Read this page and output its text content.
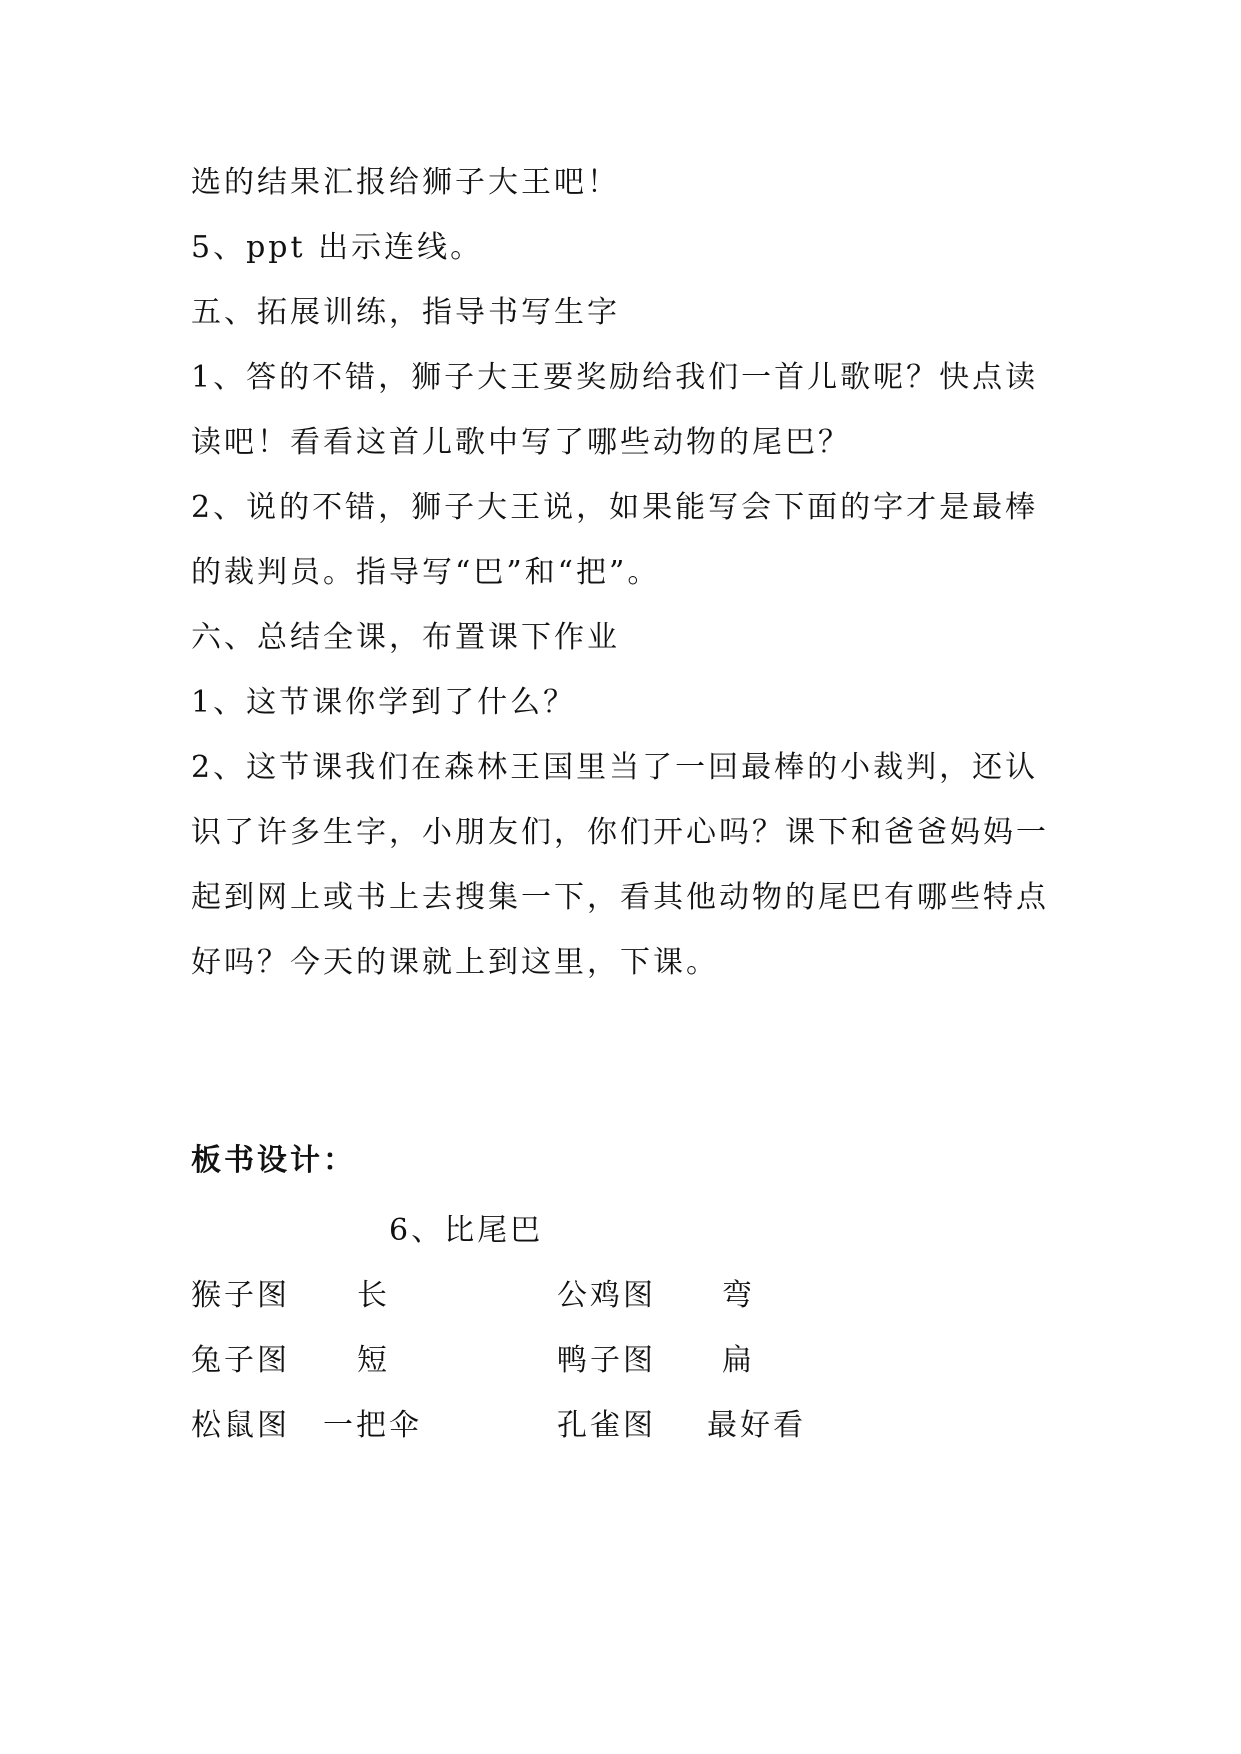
选的结果汇报给狮子大王吧！
5、ppt 出示连线。
五、拓展训练，指导书写生字
1、答的不错，狮子大王要奖励给我们一首儿歌呢？快点读
读吧！看看这首儿歌中写了哪些动物的尾巴？
2、说的不错，狮子大王说，如果能写会下面的字才是最棒
的裁判员。指导写“巴”和“把”。
六、总结全课，布置课下作业
1、这节课你学到了什么？
2、这节课我们在森林王国里当了一回最棒的小裁判，还认
识了许多生字，小朋友们，你们开心吗？课下和爸爸妈妈一
起到网上或书上去搜集一下，看其他动物的尾巴有哪些特点
好吗？今天的课就上到这里，下课。
板书设计：
6、比尾巴
猴子图 长	公鸡图 弯
兔子图 短	鸭子图 扁
松鼠图 一把伞	孔雀图 最好看
